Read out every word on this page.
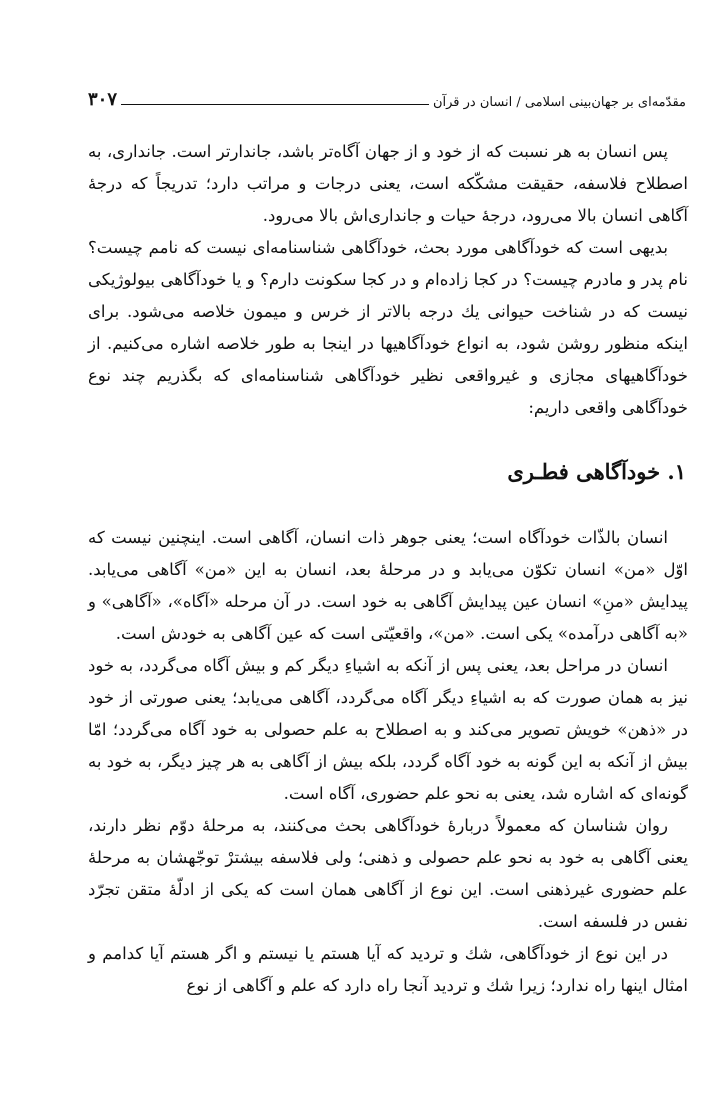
مقدّمه‌ای بر جهان‌بینی اسلامی / انسان در قرآن
۳۰۷

پس انسان به هر نسبت که از خود و از جهان آگاه‌تر باشد، جاندارتر است. جانداری، به اصطلاح فلاسفه، حقیقت مشکّکه است، یعنی درجات و مراتب دارد؛ تدریجاً که درجهٔ آگاهی انسان بالا می‌رود، درجهٔ حیات و جانداری‌اش بالا می‌رود.

بدیهی است که خودآگاهی مورد بحث، خودآگاهی شناسنامه‌ای نیست که نامم چیست؟ نام پدر و مادرم چیست؟ در کجا زاده‌ام و در کجا سکونت دارم؟ و یا خودآگاهی بیولوژیکی نیست که در شناخت حیوانی یك درجه بالاتر از خرس و میمون خلاصه می‌شود. برای اینکه منظور روشن شود، به انواع خودآگاهیها در اینجا به طور خلاصه اشاره می‌کنیم. از خودآگاهیهای مجازی و غیرواقعی نظیر خودآگاهی شناسنامه‌ای که بگذریم چند نوع خودآگاهی واقعی داریم:

۱. خودآگاهی فطـری

انسان بالذّات خودآگاه است؛ یعنی جوهر ذات انسان، آگاهی است. اینچنین نیست که اوّل «من» انسان تکوّن می‌یابد و در مرحلهٔ بعد، انسان به این «من» آگاهی می‌یابد. پیدایش «منِ» انسان عین پیدایش آگاهی به خود است. در آن مرحله «آگاه»، «آگاهی» و «به آگاهی درآمده» یکی است. «من»، واقعیّتی است که عین آگاهی به خودش است.

انسان در مراحل بعد، یعنی پس از آنکه به اشیاءِ دیگر کم و بیش آگاه می‌گردد، به خود نیز به همان صورت که به اشیاءِ دیگر آگاه می‌گردد، آگاهی می‌یابد؛ یعنی صورتی از خود در «ذهن» خویش تصویر می‌کند و به اصطلاح به علم حصولی به خود آگاه می‌گردد؛ امّا بیش از آنکه به این گونه به خود آگاه گردد، بلکه بیش از آگاهی به هر چیز دیگر، به خود به گونه‌ای که اشاره شد، یعنی به نحو علم حضوری، آگاه است.

روان شناسان که معمولاً دربارهٔ خودآگاهی بحث می‌کنند، به مرحلهٔ دوّم نظر دارند، یعنی آگاهی به خود به نحو علم حصولی و ذهنی؛ ولی فلاسفه بیشترْ توجّهشان به مرحلهٔ علم حضوری غیرذهنی است. این نوع از آگاهی همان است که یکی از ادلّهٔ متقن تجرّد نفس در فلسفه است.

در این نوع از خودآگاهی، شك و تردید که آیا هستم یا نیستم و اگر هستم آیا کدامم و امثال اینها راه ندارد؛ زیرا شك و تردید آنجا راه دارد که علم و آگاهی از نوع
